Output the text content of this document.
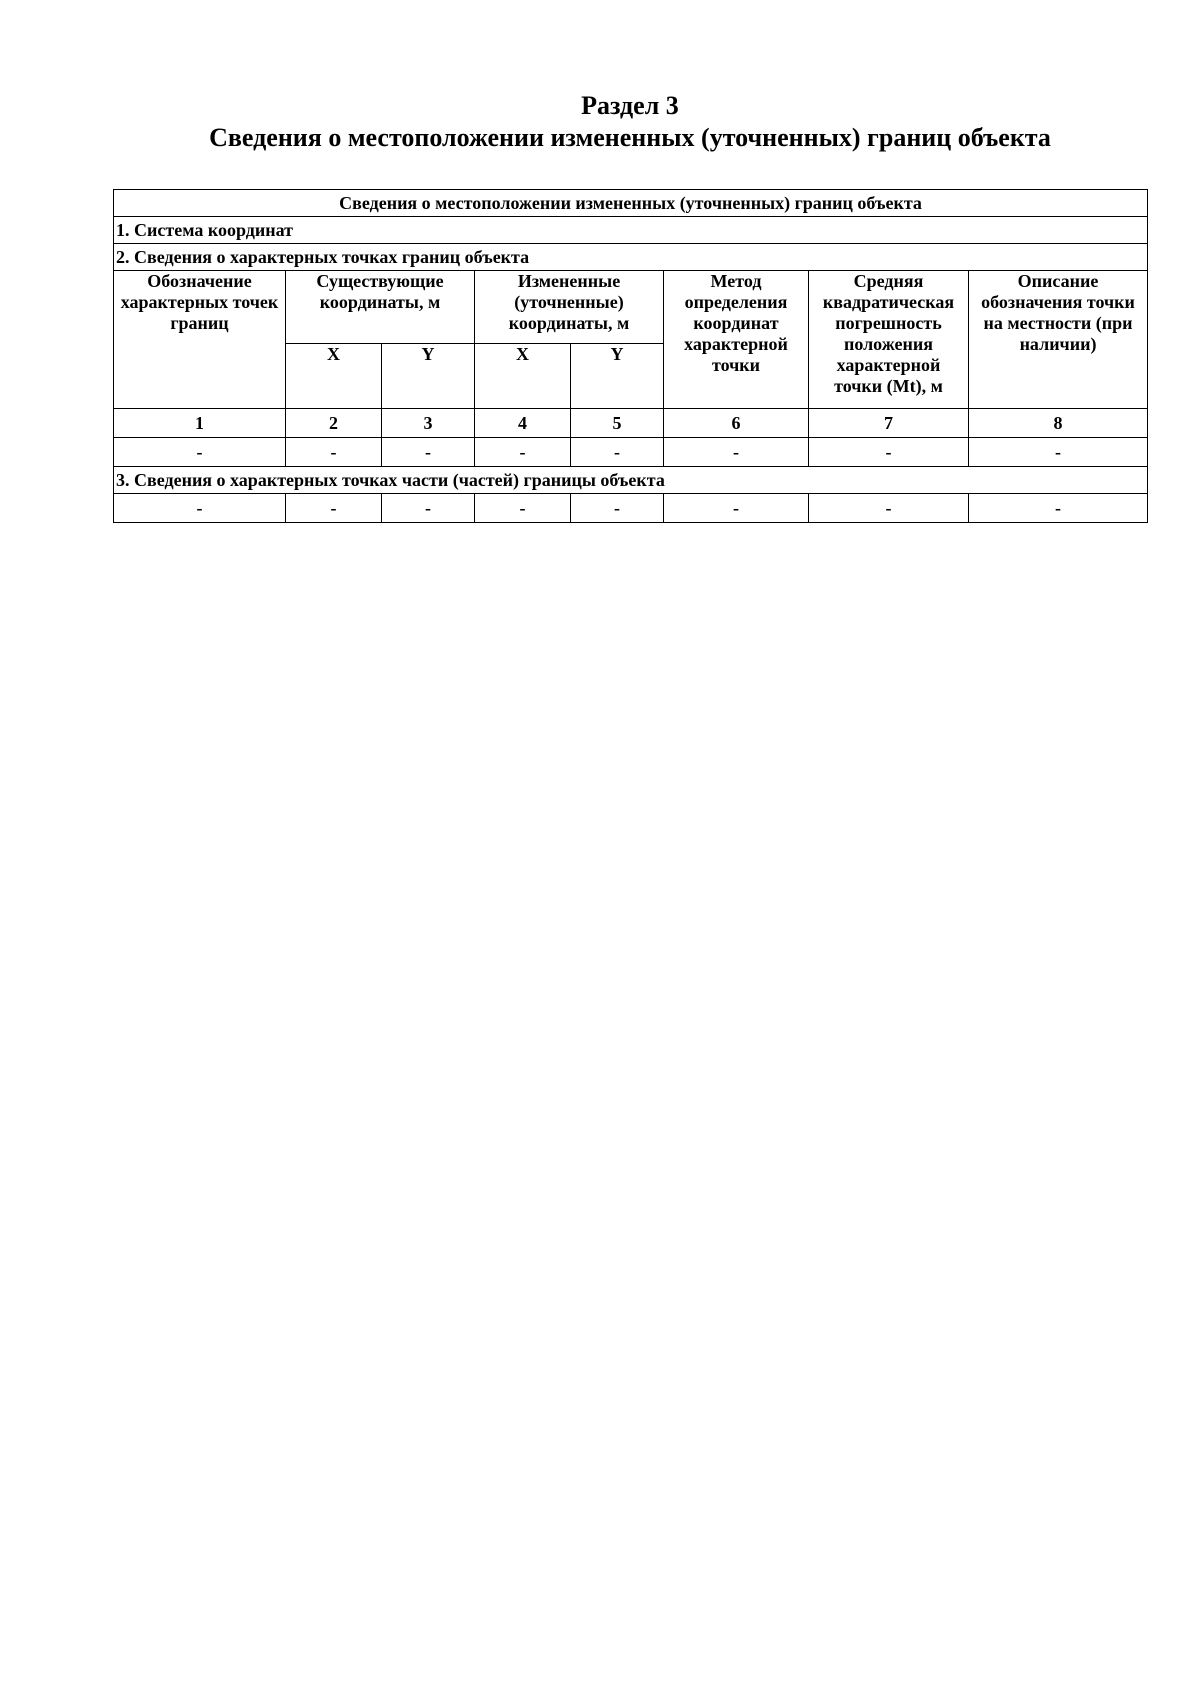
Раздел 3
Сведения о местоположении измененных (уточненных) границ объекта
Сведения о местоположении измененных (уточненных) границ объекта							
1. Система координат							
2. Сведения о характерных точках границ объекта							
Обозначение характерных точек границ	Существующие координаты, м		Измененные (уточненные) координаты, м		Метод определения координат характерной точки	Средняя квадратическая погрешность положения характерной точки (Mt), м	Описание обозначения точки на местности (при наличии)
	X	Y	X	Y			
1	2	3	4	5	6	7	8
-	-	-	-	-	-	-	-
3. Сведения о характерных точках части (частей) границы объекта							
-	-	-	-	-	-	-	-
